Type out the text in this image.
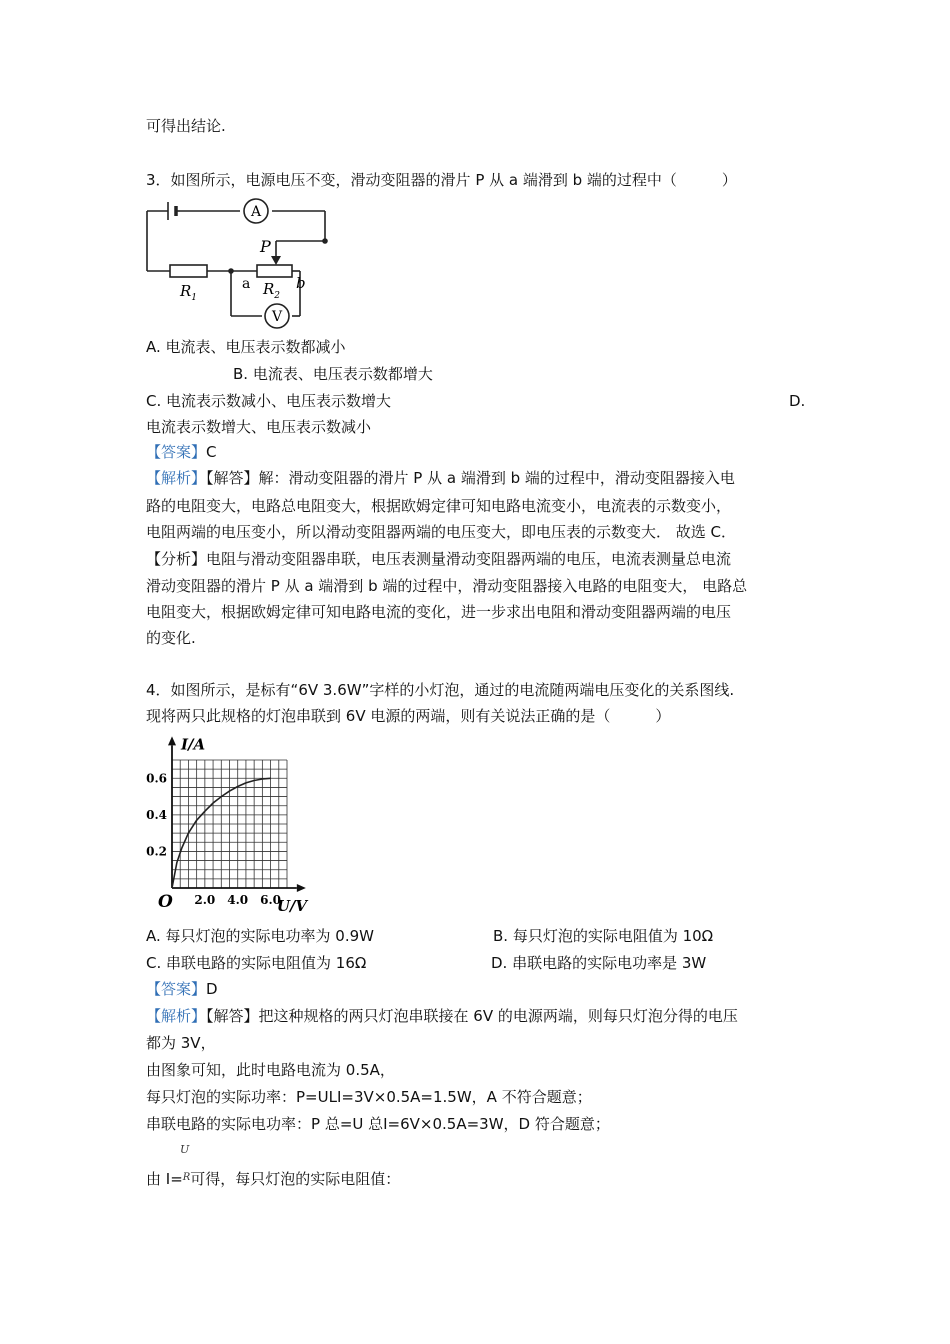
可得出结论.
3．如图所示，电源电压不变，滑动变阻器的滑片 P 从 a 端滑到 b 端的过程中（　　　）
A
V
P
b
a
$R_1$	$R_2$
A. 电流表、电压表示数都减小
B. 电流表、电压表示数都增大
C. 电流表示数减小、电压表示数增大	D.
电流表示数增大、电压表示数减小
【答案】C
【解析】【解答】解：滑动变阻器的滑片 P 从 a 端滑到 b 端的过程中，滑动变阻器接入电
路的电阻变大，电路总电阻变大，根据欧姆定律可知电路电流变小，电流表的示数变小，
电阻两端的电压变小，所以滑动变阻器两端的电压变大，即电压表的示数变大． 故选 C．
【分析】电阻与滑动变阻器串联，电压表测量滑动变阻器两端的电压，电流表测量总电流
滑动变阻器的滑片 P 从 a 端滑到 b 端的过程中，滑动变阻器接入电路的电阻变大， 电路总
电阻变大，根据欧姆定律可知电路电流的变化，进一步求出电阻和滑动变阻器两端的电压
的变化.
4．如图所示，是标有“6V 3.6W”字样的小灯泡，通过的电流随两端电压变化的关系图线.
现将两只此规格的灯泡串联到 6V 电源的两端，则有关说法正确的是（　　　）
2.0 4.0 6.0
0.2
0.4
0.6
O
I/A
U/V
A. 每只灯泡的实际电功率为 0.9W	B. 每只灯泡的实际电阻值为 10Ω
C. 串联电路的实际电阻值为 16Ω	D. 串联电路的实际电功率是 3W
【答案】D
【解析】【解答】把这种规格的两只灯泡串联接在 6V 的电源两端，则每只灯泡分得的电压
都为 3V，
由图象可知，此时电路电流为 0.5A，
每只灯泡的实际功率：P=ULI=3V×0.5A=1.5W，A 不符合题意；
串联电路的实际电功率：P 总=U 总I=6V×0.5A=3W，D 符合题意；
U
由 I=$^R$可得，每只灯泡的实际电阻值：
